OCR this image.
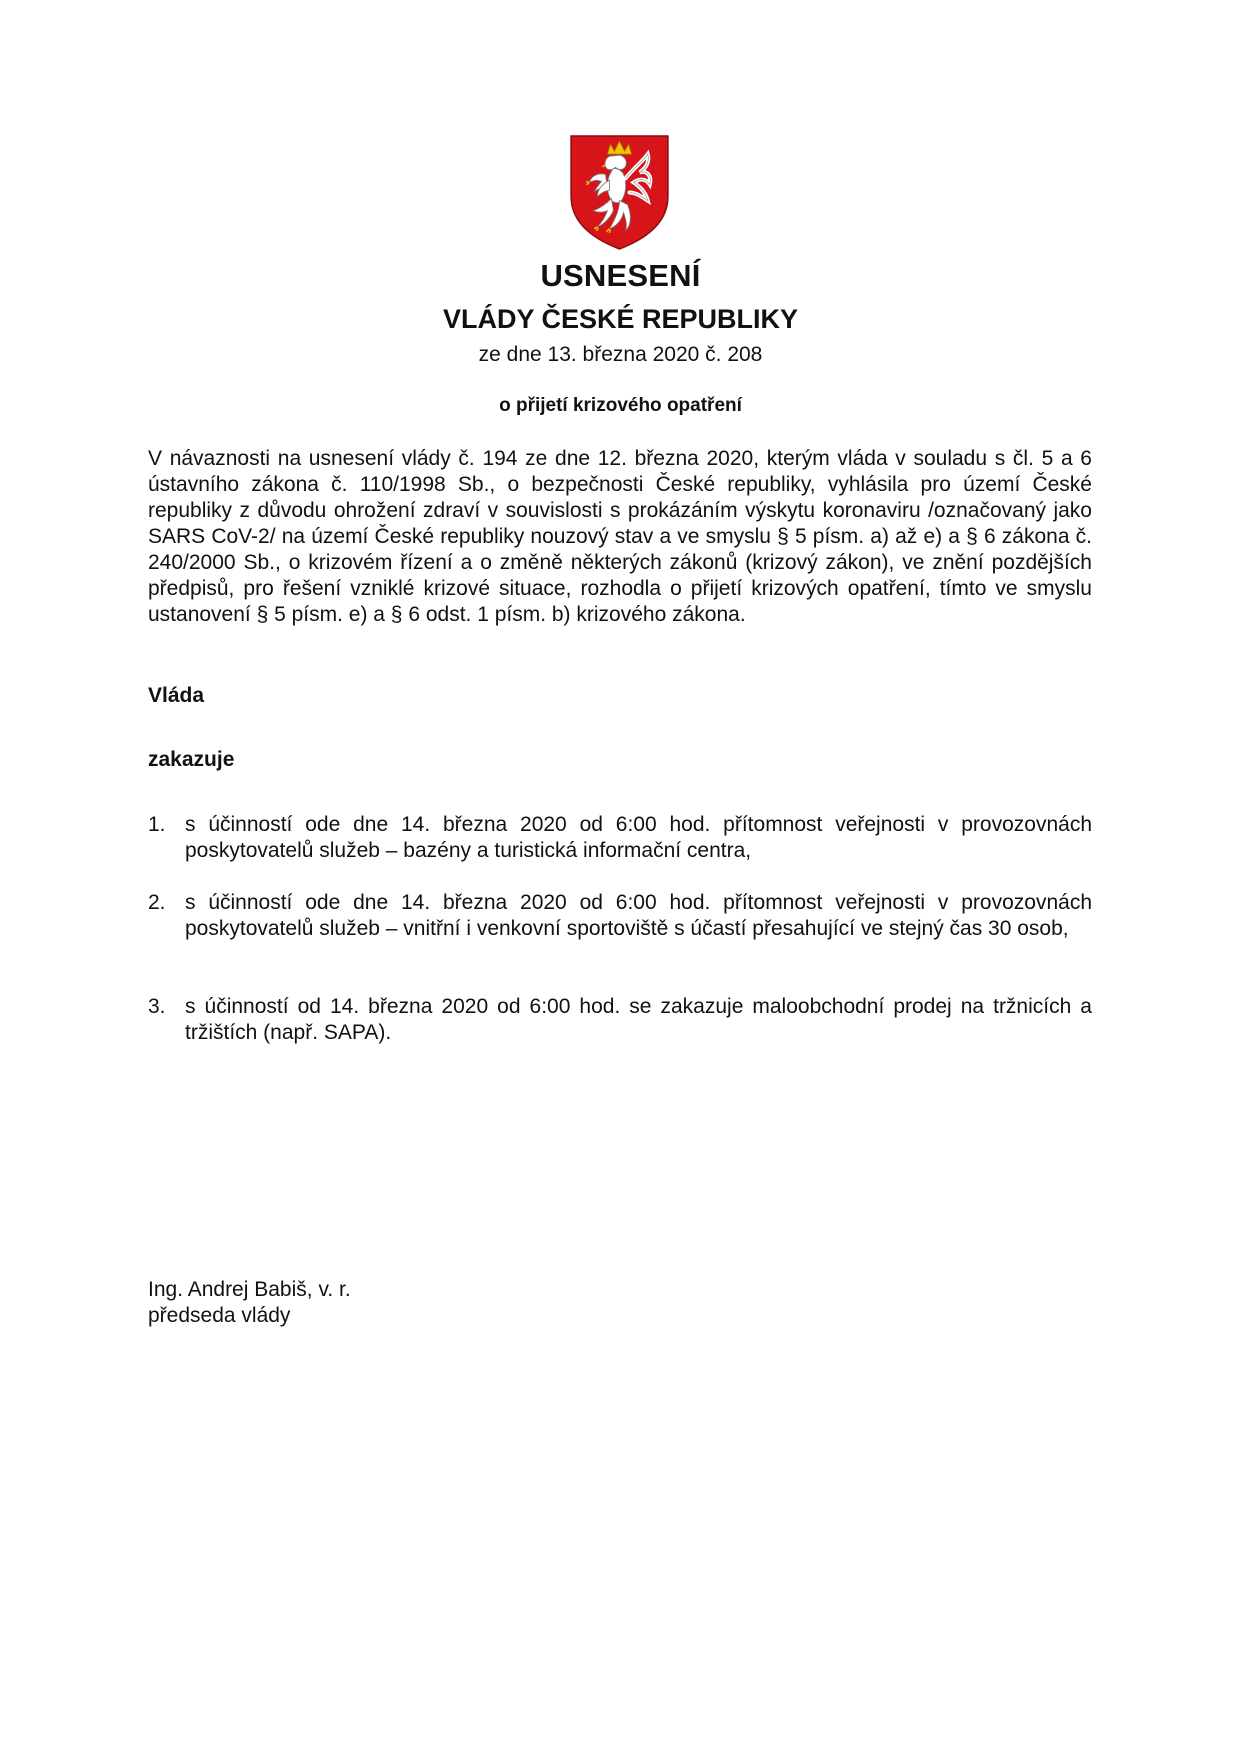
USNESENÍ
VLÁDY ČESKÉ REPUBLIKY
ze dne 13. března 2020 č. 208
o přijetí krizového opatření
V návaznosti na usnesení vlády č. 194 ze dne 12. března 2020, kterým vláda v souladu s čl. 5 a 6 ústavního zákona č. 110/1998 Sb., o bezpečnosti České republiky, vyhlásila pro území České republiky z důvodu ohrožení zdraví v souvislosti s prokázáním výskytu koronaviru /označovaný jako SARS CoV-2/ na území České republiky nouzový stav a ve smyslu § 5 písm. a) až e) a § 6 zákona č. 240/2000 Sb., o krizovém řízení a o změně některých zákonů (krizový zákon), ve znění pozdějších předpisů, pro řešení vzniklé krizové situace, rozhodla o přijetí krizových opatření, tímto ve smyslu ustanovení § 5 písm. e) a § 6 odst. 1 písm. b) krizového zákona.
Vláda
zakazuje
1. s účinností ode dne 14. března 2020 od 6:00 hod. přítomnost veřejnosti v provozovnách poskytovatelů služeb – bazény a turistická informační centra,
2. s účinností ode dne 14. března 2020 od 6:00 hod. přítomnost veřejnosti v provozovnách poskytovatelů služeb – vnitřní i venkovní sportoviště s účastí přesahující ve stejný čas 30 osob,
3. s účinností od 14. března 2020 od 6:00 hod. se zakazuje maloobchodní prodej na tržnicích a tržištích (např. SAPA).
Ing. Andrej Babiš, v. r.
předseda vlády
